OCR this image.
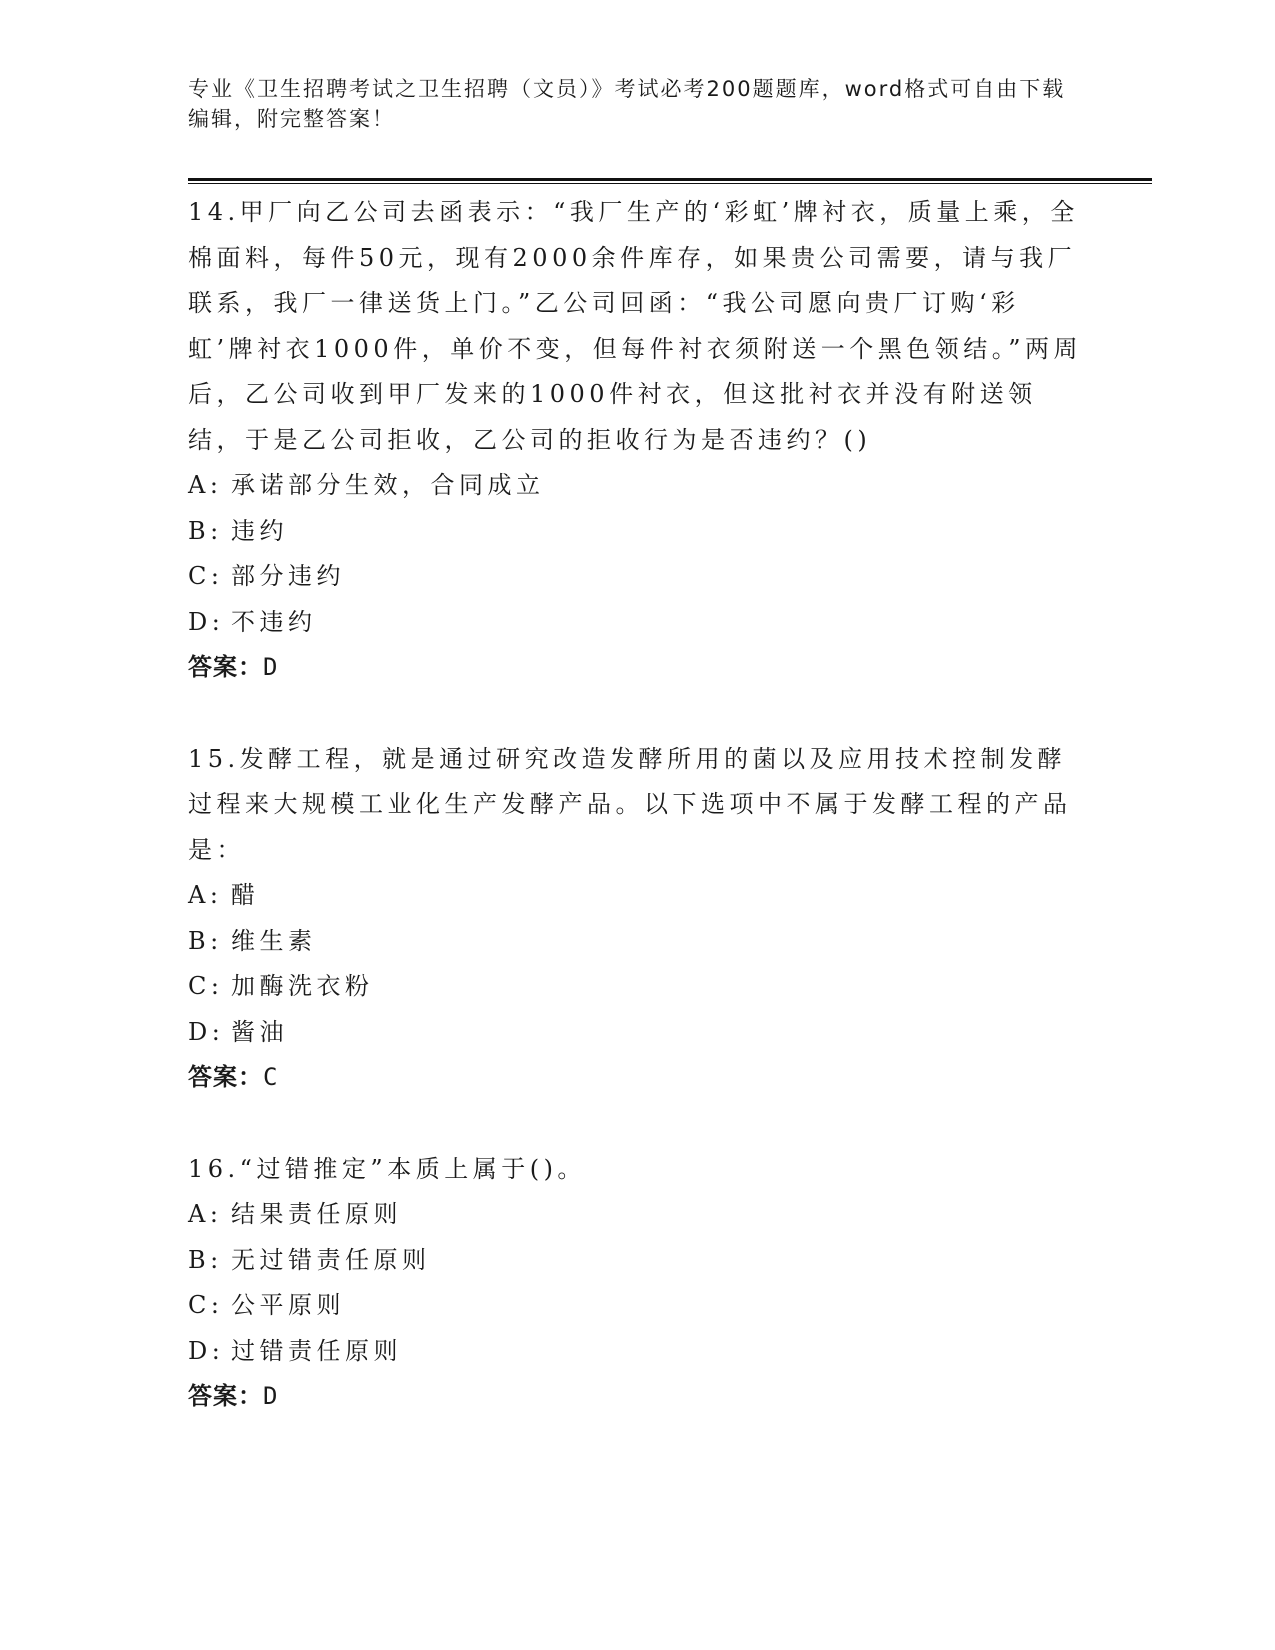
专业《卫生招聘考试之卫生招聘（文员）》考试必考200题题库，word格式可自由下载编辑，附完整答案！

14.甲厂向乙公司去函表示：“我厂生产的‘彩虹’牌衬衣，质量上乘，全棉面料，每件50元，现有2000余件库存，如果贵公司需要，请与我厂联系，我厂一律送货上门。”乙公司回函：“我公司愿向贵厂订购‘彩虹’牌衬衣1000件，单价不变，但每件衬衣须附送一个黑色领结。”两周后，乙公司收到甲厂发来的1000件衬衣，但这批衬衣并没有附送领结，于是乙公司拒收，乙公司的拒收行为是否违约？()

A: 承诺部分生效，合同成立

B: 违约

C: 部分违约

D: 不违约

答案：D

15.发酵工程，就是通过研究改造发酵所用的菌以及应用技术控制发酵过程来大规模工业化生产发酵产品。以下选项中不属于发酵工程的产品是：

A: 醋

B: 维生素

C: 加酶洗衣粉

D: 酱油

答案：C

16.“过错推定”本质上属于()。

A: 结果责任原则

B: 无过错责任原则

C: 公平原则

D: 过错责任原则

答案：D
